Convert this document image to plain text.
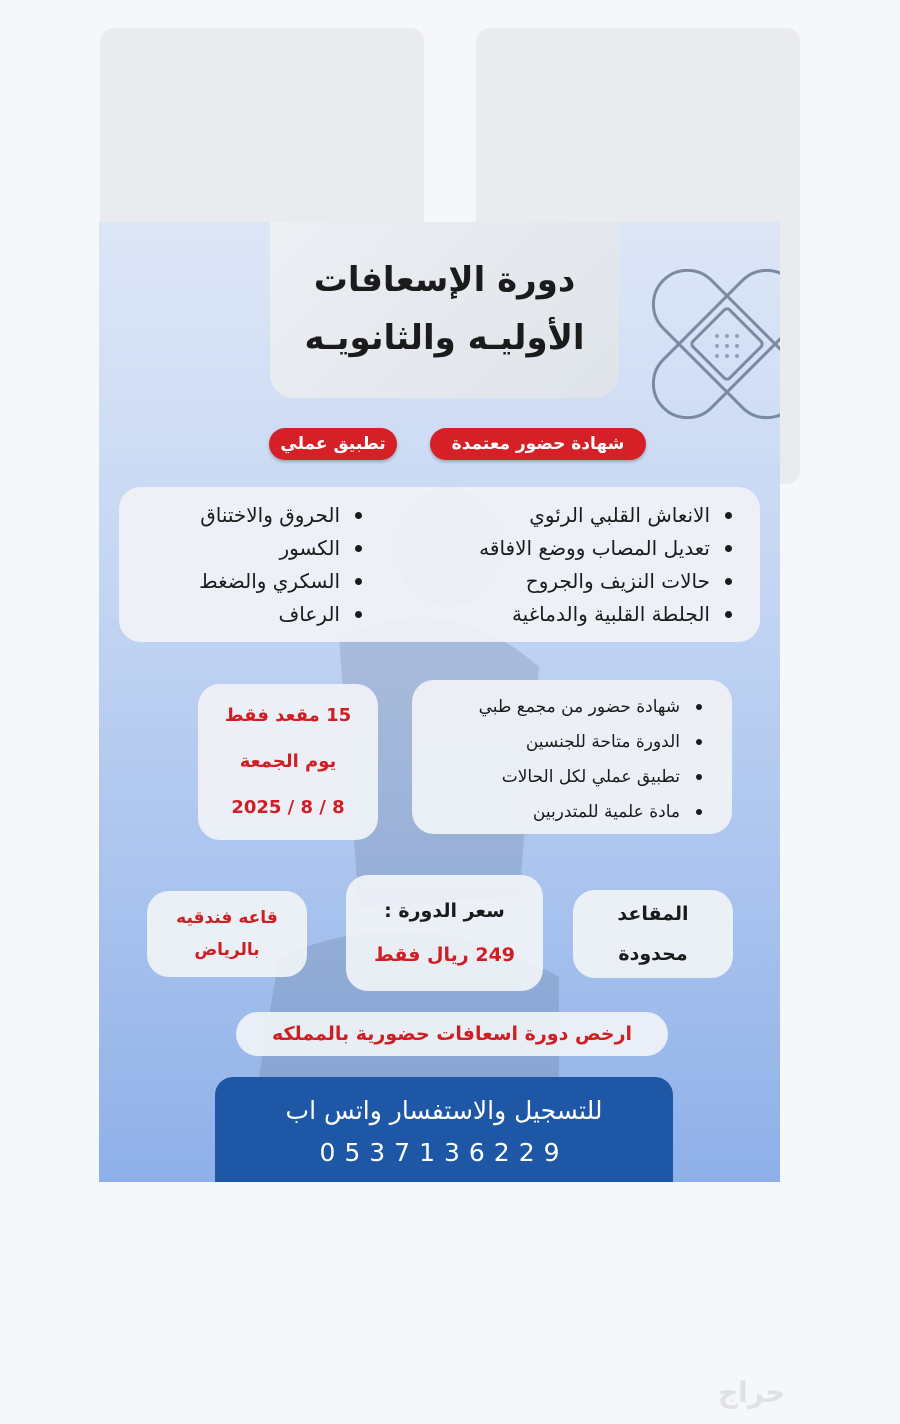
دورة الإسعافات
الأوليـه والثانويـه
شهادة حضور معتمدة
تطبيق عملي
الانعاش القلبي الرئوي
تعديل المصاب ووضع الافاقه
حالات النزيف والجروح
الجلطة القلبية والدماغية
الحروق والاختناق
الكسور
السكري والضغط
الرعاف
شهادة حضور من مجمع طبي
الدورة متاحة للجنسين
تطبيق عملي لكل الحالات
مادة علمية للمتدربين
15 مقعد فقط
يوم الجمعة
2025 / 8 / 8
المقاعد
محدودة
سعر الدورة :
249 ريال فقط
قاعه فندقيه
بالرياض
ارخص دورة اسعافات حضورية بالمملكه
للتسجيل والاستفسار واتس اب
0537136229
حراج
